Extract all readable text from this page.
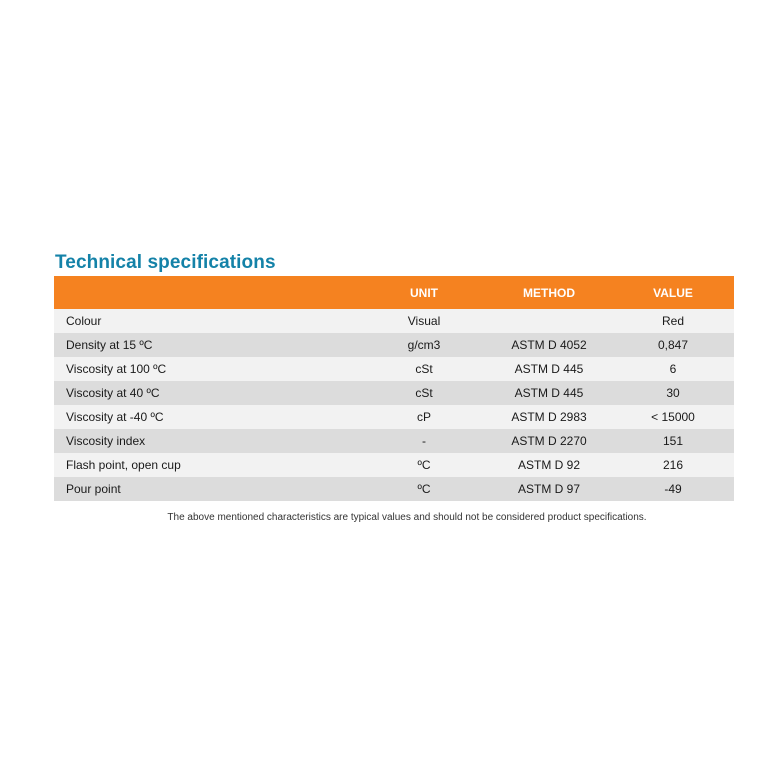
Technical specifications
	UNIT	METHOD	VALUE
Colour	Visual		Red
Density at 15 ºC	g/cm3	ASTM D 4052	0,847
Viscosity at 100 ºC	cSt	ASTM D 445	6
Viscosity at 40 ºC	cSt	ASTM D 445	30
Viscosity at -40 ºC	cP	ASTM D 2983	< 15000
Viscosity index	-	ASTM D 2270	151
Flash point, open cup	ºC	ASTM D 92	216
Pour point	ºC	ASTM D 97	-49
The above mentioned characteristics are typical values and should not be considered product specifications.
